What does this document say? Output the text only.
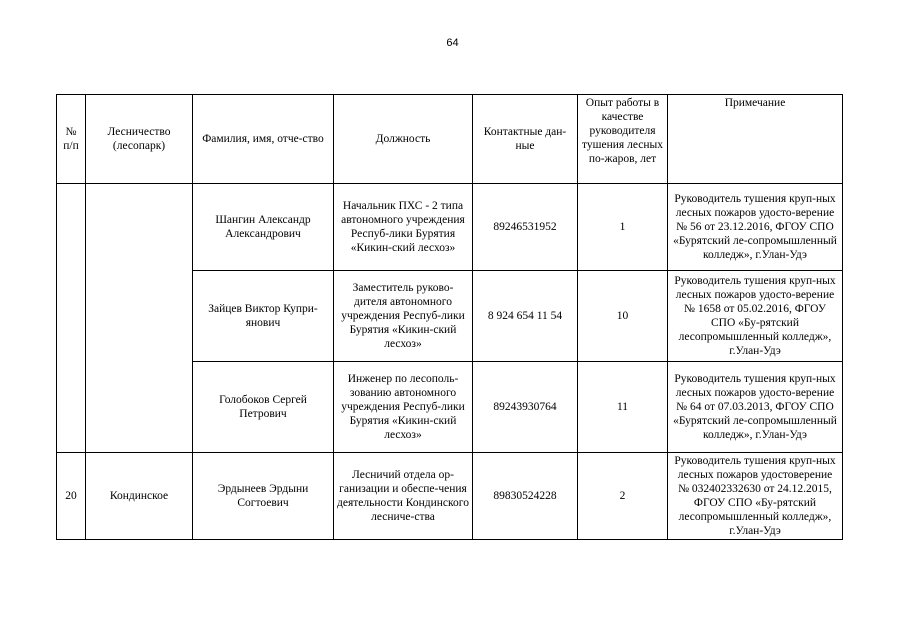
64
№ п/п	Лесничество (лесопарк)	Фамилия, имя, отче-ство	Должность	Контактные дан-ные	Опыт работы в качестве руководителя тушения лесных по-жаров, лет	Примечание
		Шангин Александр Александрович	Начальник ПХС - 2 типа автономного учреждения Респуб-лики Бурятия «Кикин-ский лесхоз»	89246531952	1	Руководитель тушения круп-ных лесных пожаров удосто-верение № 56 от 23.12.2016, ФГОУ СПО «Бурятский ле-сопромышленный колледж», г.Улан-Удэ
		Зайцев Виктор Купри-янович	Заместитель руково-дителя автономного учреждения Респуб-лики Бурятия «Кикин-ский лесхоз»	8 924 654 11 54	10	Руководитель тушения круп-ных лесных пожаров удосто-верение № 1658 от 05.02.2016, ФГОУ СПО «Бу-рятский лесопромышленный колледж», г.Улан-Удэ
		Голобоков Сергей Петрович	Инженер по лесополь-зованию автономного учреждения Респуб-лики Бурятия «Кикин-ский лесхоз»	89243930764	11	Руководитель тушения круп-ных лесных пожаров удосто-верение № 64 от 07.03.2013, ФГОУ СПО «Бурятский ле-сопромышленный колледж», г.Улан-Удэ
20	Кондинское	Эрдынеев Эрдыни Согтоевич	Лесничий отдела ор-ганизации и обеспе-чения деятельности Кондинского лесниче-ства	89830524228	2	Руководитель тушения круп-ных лесных пожаров удостоверение № 032402332630 от 24.12.2015, ФГОУ СПО «Бу-рятский лесопромышленный колледж», г.Улан-Удэ
